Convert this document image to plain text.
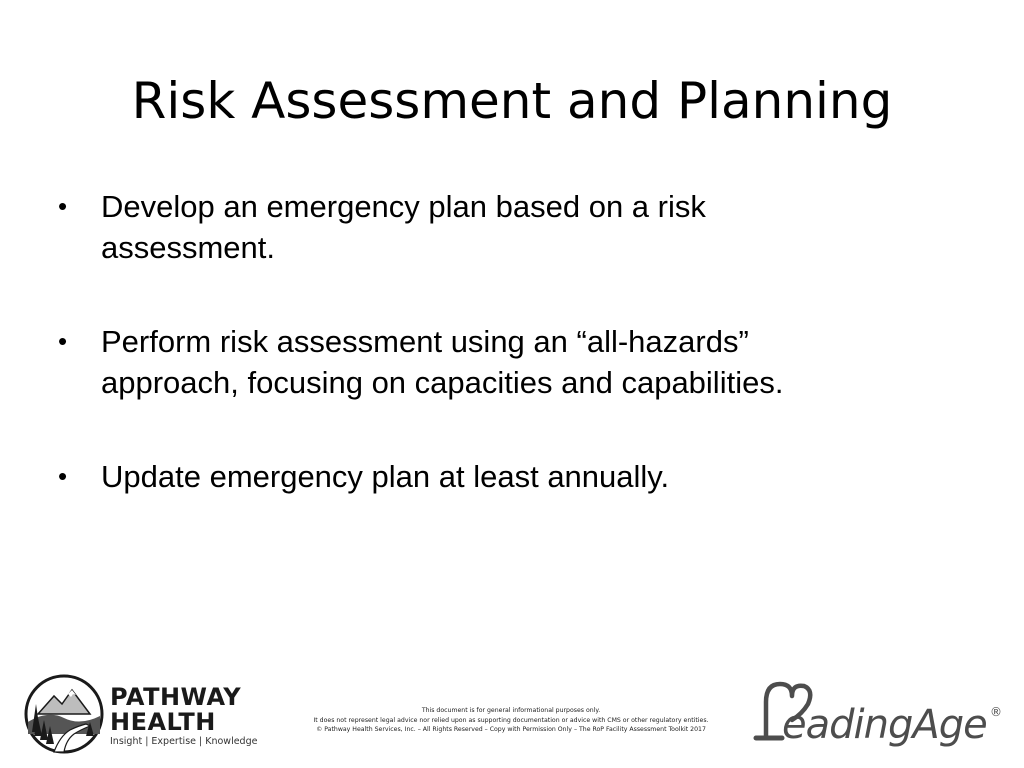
Risk Assessment and Planning
• Develop an emergency plan based on a risk
assessment.
• Perform risk assessment using an “all-hazards”
approach, focusing on capacities and capabilities.
• Update emergency plan at least annually.
PATHWAY
HEALTH
Insight | Expertise | Knowledge
This document is for general informational purposes only.
It does not represent legal advice nor relied upon as supporting documentation or advice with CMS or other regulatory entities.
© Pathway Health Services, Inc. – All Rights Reserved – Copy with Permission Only – The RoP Facility Assessment Toolkit 2017	eadingAge ®
